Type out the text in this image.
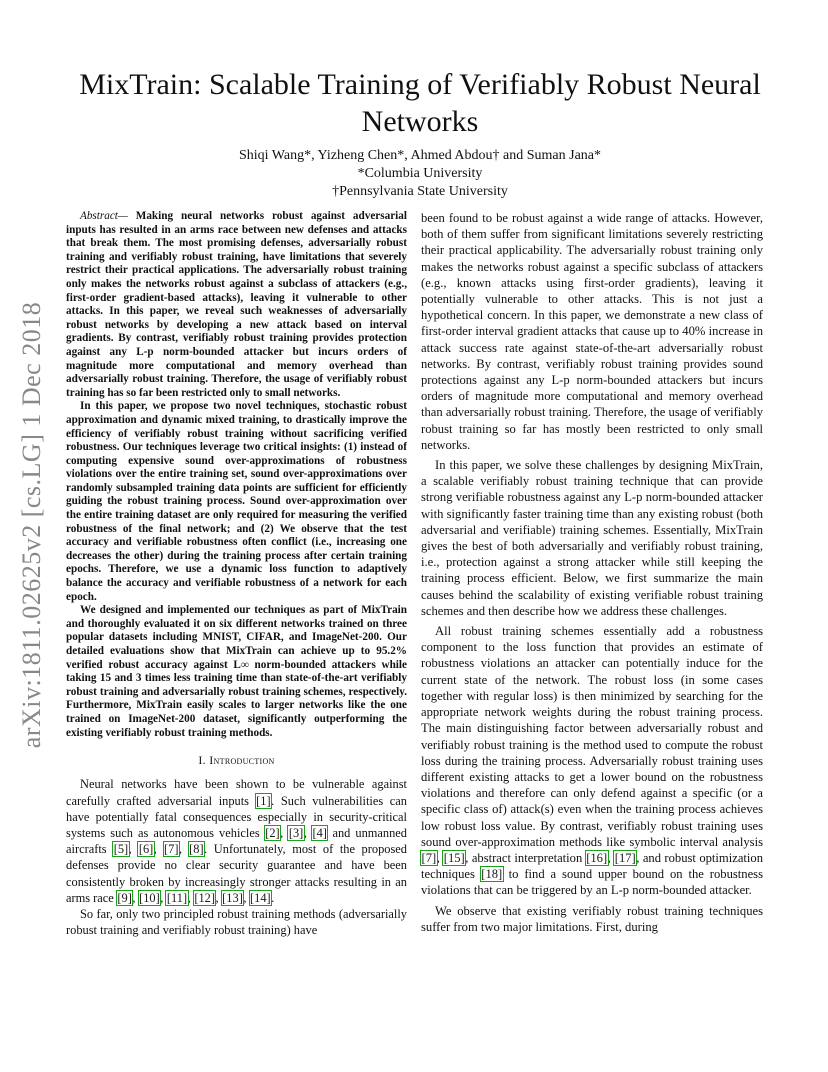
arXiv:1811.02625v2 [cs.LG] 1 Dec 2018
MixTrain: Scalable Training of Verifiably Robust Neural Networks
Shiqi Wang*, Yizheng Chen*, Ahmed Abdou† and Suman Jana*
*Columbia University
†Pennsylvania State University

Abstract— Making neural networks robust against adversarial inputs has resulted in an arms race between new defenses and attacks that break them. The most promising defenses, adversarially robust training and verifiably robust training, have limitations that severely restrict their practical applications. The adversarially robust training only makes the networks robust against a subclass of attackers (e.g., first-order gradient-based attacks), leaving it vulnerable to other attacks. In this paper, we reveal such weaknesses of adversarially robust networks by developing a new attack based on interval gradients. By contrast, verifiably robust training provides protection against any L-p norm-bounded attacker but incurs orders of magnitude more computational and memory overhead than adversarially robust training. Therefore, the usage of verifiably robust training has so far been restricted only to small networks.

In this paper, we propose two novel techniques, stochastic robust approximation and dynamic mixed training, to drastically improve the efficiency of verifiably robust training without sacrificing verified robustness. Our techniques leverage two critical insights: (1) instead of computing expensive sound over-approximations of robustness violations over the entire training set, sound over-approximations over randomly subsampled training data points are sufficient for efficiently guiding the robust training process. Sound over-approximation over the entire training dataset are only required for measuring the verified robustness of the final network; and (2) We observe that the test accuracy and verifiable robustness often conflict (i.e., increasing one decreases the other) during the training process after certain training epochs. Therefore, we use a dynamic loss function to adaptively balance the accuracy and verifiable robustness of a network for each epoch.

We designed and implemented our techniques as part of MixTrain and thoroughly evaluated it on six different networks trained on three popular datasets including MNIST, CIFAR, and ImageNet-200. Our detailed evaluations show that MixTrain can achieve up to 95.2% verified robust accuracy against L∞ norm-bounded attackers while taking 15 and 3 times less training time than state-of-the-art verifiably robust training and adversarially robust training schemes, respectively. Furthermore, MixTrain easily scales to larger networks like the one trained on ImageNet-200 dataset, significantly outperforming the existing verifiably robust training methods.

I. Introduction

Neural networks have been shown to be vulnerable against carefully crafted adversarial inputs [1]. Such vulnerabilities can have potentially fatal consequences especially in security-critical systems such as autonomous vehicles [2], [3], [4] and unmanned aircrafts [5], [6], [7], [8]. Unfortunately, most of the proposed defenses provide no clear security guarantee and have been consistently broken by increasingly stronger attacks resulting in an arms race [9], [10], [11], [12], [13], [14].

So far, only two principled robust training methods (adversarially robust training and verifiably robust training) have

been found to be robust against a wide range of attacks. However, both of them suffer from significant limitations severely restricting their practical applicability. The adversarially robust training only makes the networks robust against a specific subclass of attackers (e.g., known attacks using first-order gradients), leaving it potentially vulnerable to other attacks. This is not just a hypothetical concern. In this paper, we demonstrate a new class of first-order interval gradient attacks that cause up to 40% increase in attack success rate against state-of-the-art adversarially robust networks. By contrast, verifiably robust training provides sound protections against any L-p norm-bounded attackers but incurs orders of magnitude more computational and memory overhead than adversarially robust training. Therefore, the usage of verifiably robust training so far has mostly been restricted to only small networks.

In this paper, we solve these challenges by designing MixTrain, a scalable verifiably robust training technique that can provide strong verifiable robustness against any L-p norm-bounded attacker with significantly faster training time than any existing robust (both adversarial and verifiable) training schemes. Essentially, MixTrain gives the best of both adversarially and verifiably robust training, i.e., protection against a strong attacker while still keeping the training process efficient. Below, we first summarize the main causes behind the scalability of existing verifiable robust training schemes and then describe how we address these challenges.

All robust training schemes essentially add a robustness component to the loss function that provides an estimate of robustness violations an attacker can potentially induce for the current state of the network. The robust loss (in some cases together with regular loss) is then minimized by searching for the appropriate network weights during the robust training process. The main distinguishing factor between adversarially robust and verifiably robust training is the method used to compute the robust loss during the training process. Adversarially robust training uses different existing attacks to get a lower bound on the robustness violations and therefore can only defend against a specific (or a specific class of) attack(s) even when the training process achieves low robust loss value. By contrast, verifiably robust training uses sound over-approximation methods like symbolic interval analysis [7], [15], abstract interpretation [16], [17], and robust optimization techniques [18] to find a sound upper bound on the robustness violations that can be triggered by an L-p norm-bounded attacker.

We observe that existing verifiably robust training techniques suffer from two major limitations. First, during
